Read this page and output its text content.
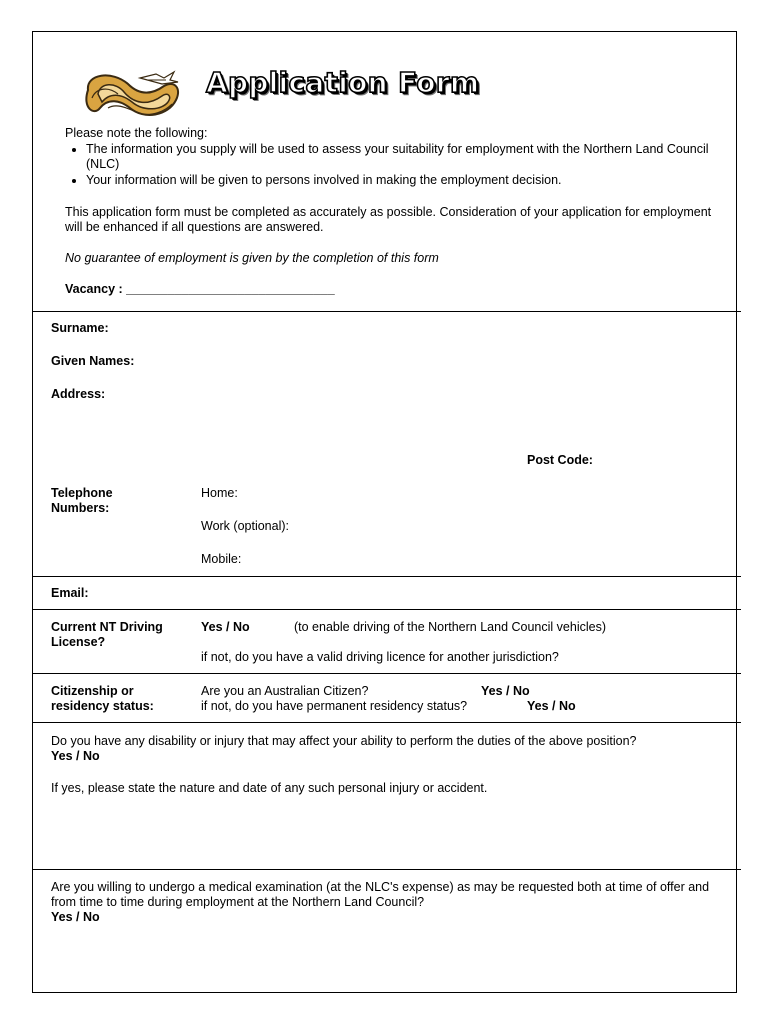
Application Form
Please note the following:
• The information you supply will be used to assess your suitability for employment with the Northern Land Council (NLC)
• Your information will be given to persons involved in making the employment decision.
This application form must be completed as accurately as possible. Consideration of your application for employment will be enhanced if all questions are answered.
No guarantee of employment is given by the completion of this form
Vacancy : ______________________________
Surname:
Given Names:
Address:
Post Code:
Telephone
Numbers:
Home:
Work (optional):
Mobile:
Email:
Current NT Driving
License?
Yes / No	(to enable driving of the Northern Land Council vehicles)
if not, do you have a valid driving licence for another jurisdiction?
Citizenship or
residency status:
Are you an Australian Citizen?	Yes / No
if not, do you have permanent residency status?	Yes / No
Do you have any disability or injury that may affect your ability to perform the duties of the above position?
Yes / No
If yes, please state the nature and date of any such personal injury or accident.
Are you willing to undergo a medical examination (at the NLC's expense) as may be requested both at time of offer and from time to time during employment at the Northern Land Council?
Yes / No
